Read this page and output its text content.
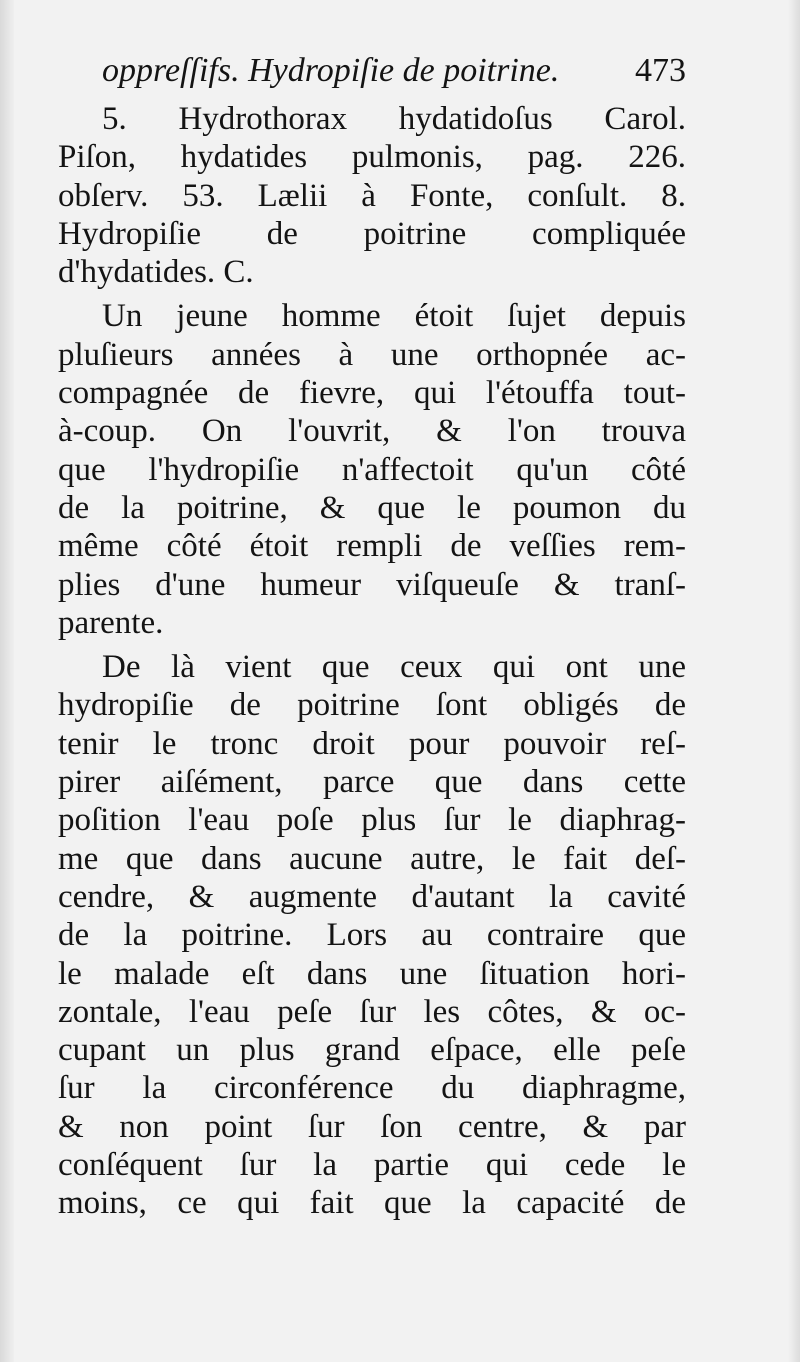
oppreſſifs. Hydropiſie de poitrine. 473
5. Hydrothorax hydatidoſus Carol.
Piſon, hydatides pulmonis, pag. 226.
obſerv. 53. Lælii à Fonte, conſult. 8.
Hydropiſie de poitrine compliquée
d'hydatides. C.
Un jeune homme étoit ſujet depuis
pluſieurs années à une orthopnée ac-
compagnée de fievre, qui l'étouffa tout-
à-coup. On l'ouvrit, & l'on trouva
que l'hydropiſie n'affectoit qu'un côté
de la poitrine, & que le poumon du
même côté étoit rempli de veſſies rem-
plies d'une humeur viſqueuſe & tranſ-
parente.
De là vient que ceux qui ont une
hydropiſie de poitrine ſont obligés de
tenir le tronc droit pour pouvoir reſ-
pirer aiſément, parce que dans cette
poſition l'eau poſe plus ſur le diaphrag-
me que dans aucune autre, le fait deſ-
cendre, & augmente d'autant la cavité
de la poitrine. Lors au contraire que
le malade eſt dans une ſituation hori-
zontale, l'eau peſe ſur les côtes, & oc-
cupant un plus grand eſpace, elle peſe
ſur la circonférence du diaphragme,
& non point ſur ſon centre, & par
conſéquent ſur la partie qui cede le
moins, ce qui fait que la capacité de
